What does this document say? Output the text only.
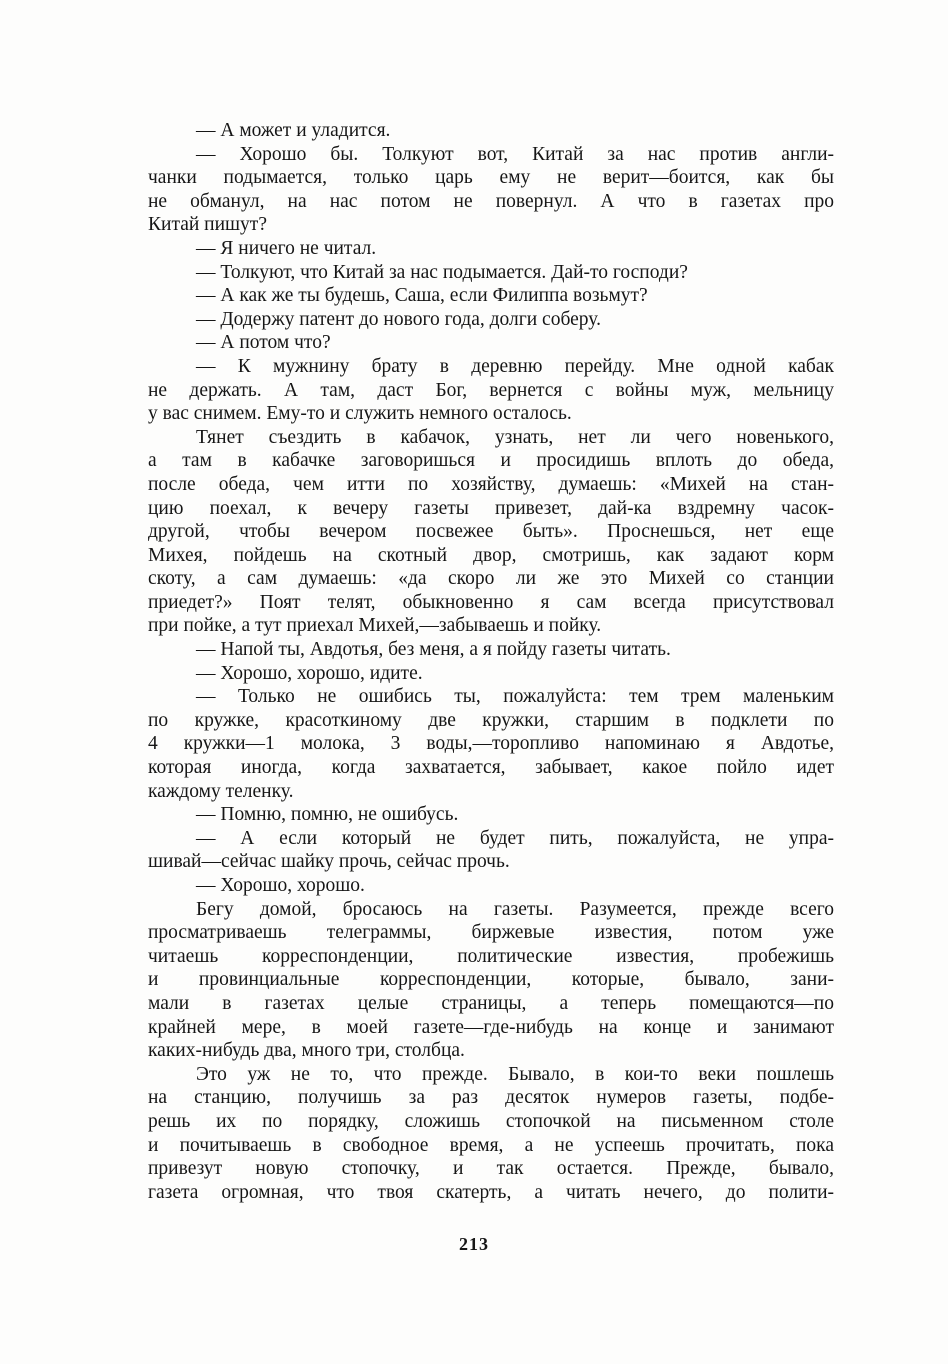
— А может и уладится.
— Хорошо бы. Толкуют вот, Китай за нас против англи-
чанки подымается, только царь ему не верит—боится, как бы
не обманул, на нас потом не повернул. А что в газетах про
Китай пишут?
— Я ничего не читал.
— Толкуют, что Китай за нас подымается. Дай-то господи?
— А как же ты будешь, Саша, если Филиппа возьмут?
— Додержу патент до нового года, долги соберу.
— А потом что?
— К мужнину брату в деревню перейду. Мне одной кабак
не держать. А там, даст Бог, вернется с войны муж, мельницу
у вас снимем. Ему-то и служить немного осталось.
Тянет съездить в кабачок, узнать, нет ли чего новенького,
а там в кабачке заговоришься и просидишь вплоть до обеда,
после обеда, чем итти по хозяйству, думаешь: «Михей на стан-
цию поехал, к вечеру газеты привезет, дай-ка вздремну часок-
другой, чтобы вечером посвежее быть». Проснешься, нет еще
Михея, пойдешь на скотный двор, смотришь, как задают корм
скоту, а сам думаешь: «да скоро ли же это Михей со станции
приедет?» Поят телят, обыкновенно я сам всегда присутствовал
при пойке, а тут приехал Михей,—забываешь и пойку.
— Напой ты, Авдотья, без меня, а я пойду газеты читать.
— Хорошо, хорошо, идите.
— Только не ошибись ты, пожалуйста: тем трем маленьким
по кружке, красоткиному две кружки, старшим в подклети по
4 кружки—1 молока, 3 воды,—торопливо напоминаю я Авдотье,
которая иногда, когда захватается, забывает, какое пойло идет
каждому теленку.
— Помню, помню, не ошибусь.
— А если который не будет пить, пожалуйста, не упра-
шивай—сейчас шайку прочь, сейчас прочь.
— Хорошо, хорошо.
Бегу домой, бросаюсь на газеты. Разумеется, прежде всего
просматриваешь телеграммы, биржевые известия, потом уже
читаешь корреспонденции, политические известия, пробежишь
и провинциальные корреспонденции, которые, бывало, зани-
мали в газетах целые страницы, а теперь помещаются—по
крайней мере, в моей газете—где-нибудь на конце и занимают
каких-нибудь два, много три, столбца.
Это уж не то, что прежде. Бывало, в кои-то веки пошлешь
на станцию, получишь за раз десяток нумеров газеты, подбе-
решь их по порядку, сложишь стопочкой на письменном столе
и почитываешь в свободное время, а не успеешь прочитать, пока
привезут новую стопочку, и так остается. Прежде, бывало,
газета огромная, что твоя скатерть, а читать нечего, до полити-
213
